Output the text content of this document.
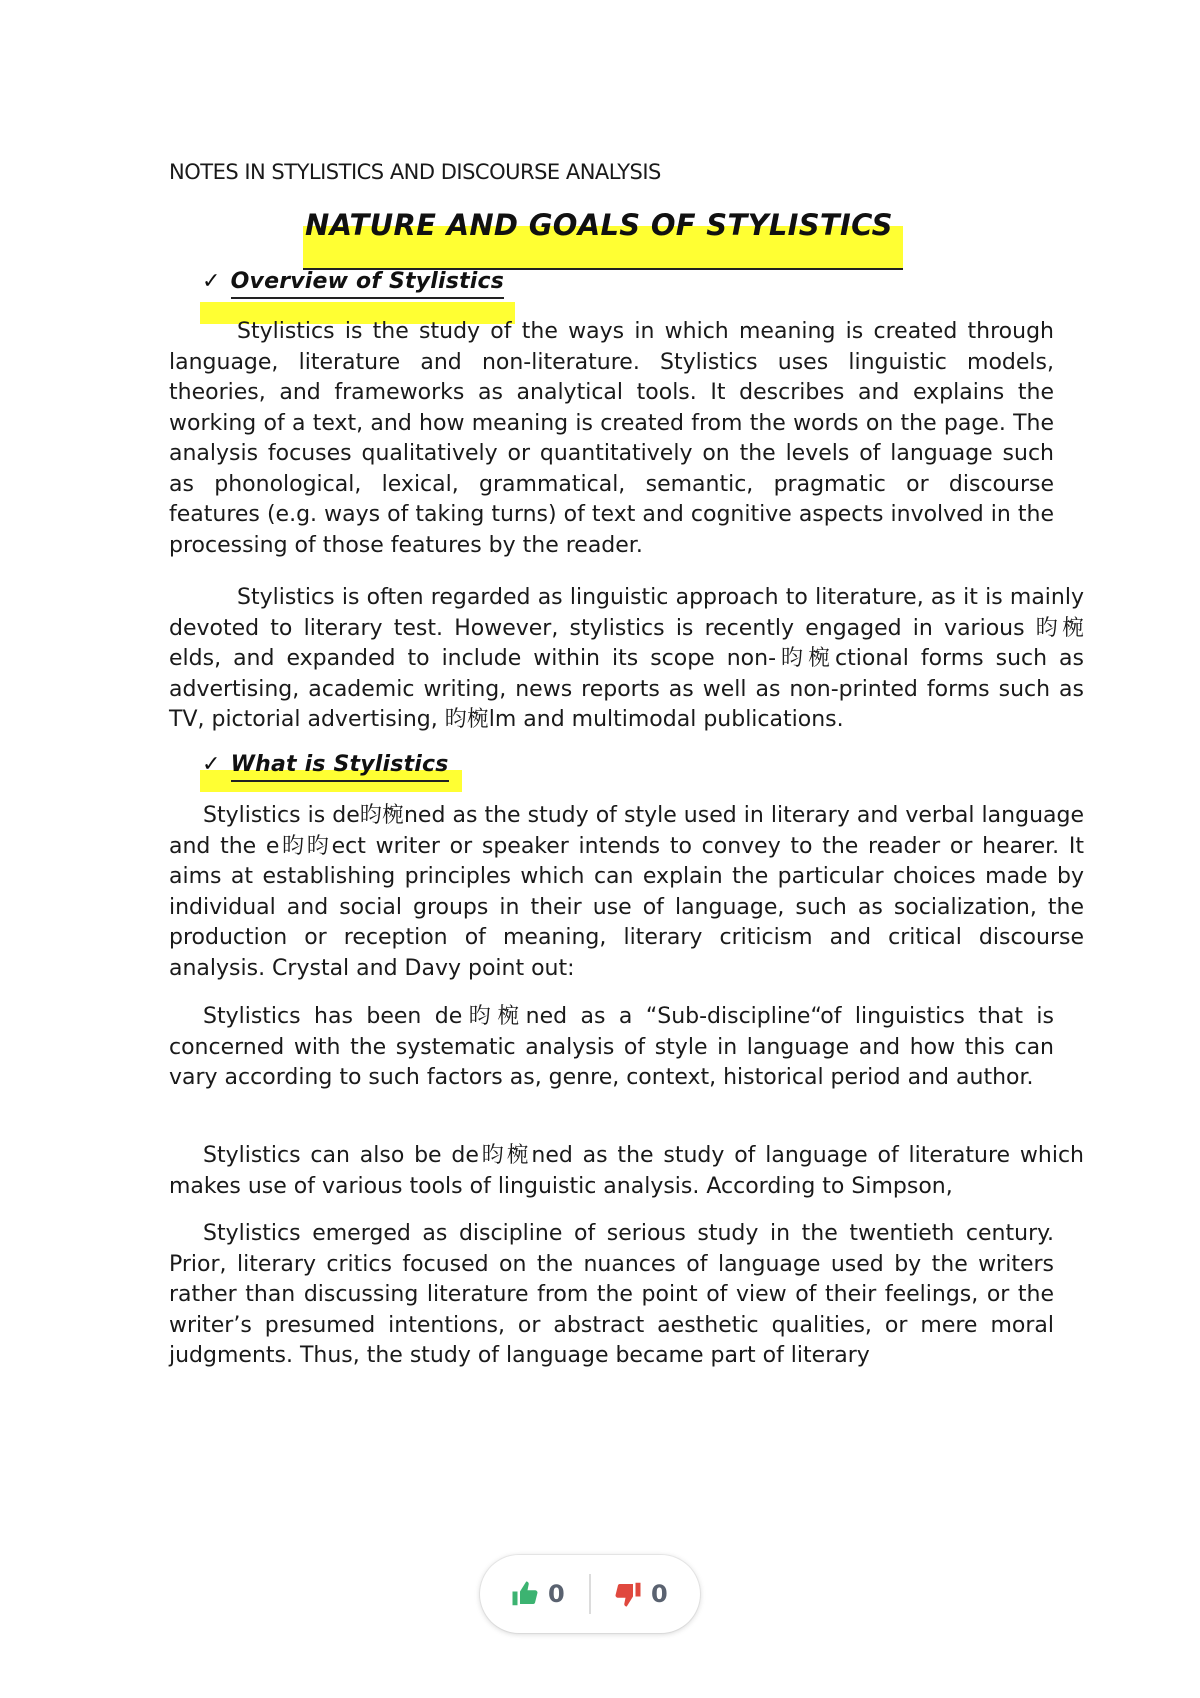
NOTES IN STYLISTICS AND DISCOURSE ANALYSIS
NATURE AND GOALS OF STYLISTICS
✓ Overview of Stylistics

Stylistics is the study of the ways in which meaning is created through language, literature and non-literature. Stylistics uses linguistic models, theories, and frameworks as analytical tools. It describes and explains the working of a text, and how meaning is created from the words on the page. The analysis focuses qualitatively or quantitatively on the levels of language such as phonological, lexical, grammatical, semantic, pragmatic or discourse features (e.g. ways of taking turns) of text and cognitive aspects involved in the processing of those features by the reader.

Stylistics is often regarded as linguistic approach to literature, as it is mainly devoted to literary test. However, stylistics is recently engaged in various 昀椀elds, and expanded to include within its scope non-昀椀ctional forms such as advertising, academic writing, news reports as well as non-printed forms such as TV, pictorial advertising, 昀椀lm and multimodal publications.

✓ What is Stylistics

Stylistics is de昀椀ned as the study of style used in literary and verbal language and the e昀昀ect writer or speaker intends to convey to the reader or hearer. It aims at establishing principles which can explain the particular choices made by individual and social groups in their use of language, such as socialization, the production or reception of meaning, literary criticism and critical discourse analysis. Crystal and Davy point out:

Stylistics has been de昀椀ned as a “Sub-discipline“of linguistics that is concerned with the systematic analysis of style in language and how this can vary according to such factors as, genre, context, historical period and author.

Stylistics can also be de昀椀ned as the study of language of literature which makes use of various tools of linguistic analysis. According to Simpson,

Stylistics emerged as discipline of serious study in the twentieth century. Prior, literary critics focused on the nuances of language used by the writers rather than discussing literature from the point of view of their feelings, or the writer’s presumed intentions, or abstract aesthetic qualities, or mere moral judgments. Thus, the study of language became part of literary

0	0
